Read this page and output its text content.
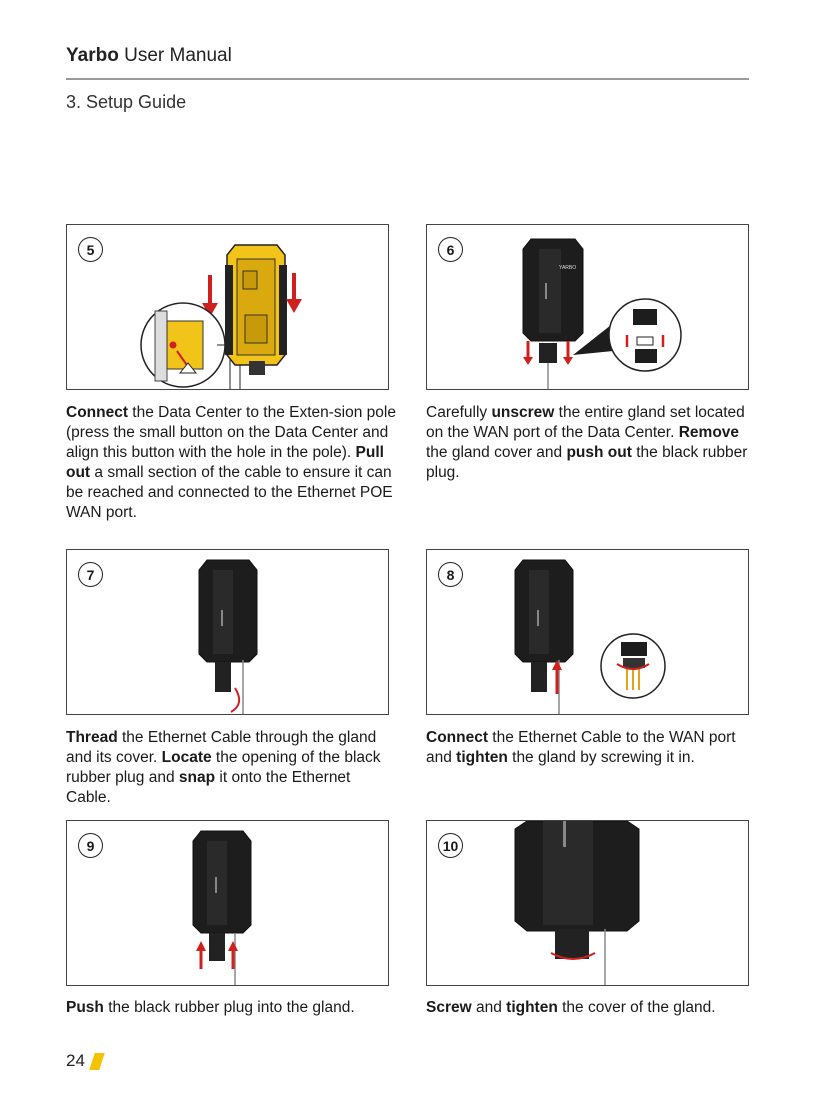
Yarbo User Manual
3. Setup Guide
5
Connect the Data Center to the Exten-sion pole (press the small button on the Data Center and align this button with the hole in the pole). Pull out a small section of the cable to ensure it can be reached and connected to the Ethernet POE WAN port.
YARBO
6
Carefully unscrew the entire gland set located on the WAN port of the Data Center. Remove the gland cover and push out the black rubber plug.
7
Thread the Ethernet Cable through the gland and its cover. Locate the opening of the black rubber plug and snap it onto the Ethernet Cable.
8
Connect the Ethernet Cable to the WAN port and tighten the gland by screwing it in.
9
Push the black rubber plug into the gland.
10
Screw and tighten the cover of the gland.
24
